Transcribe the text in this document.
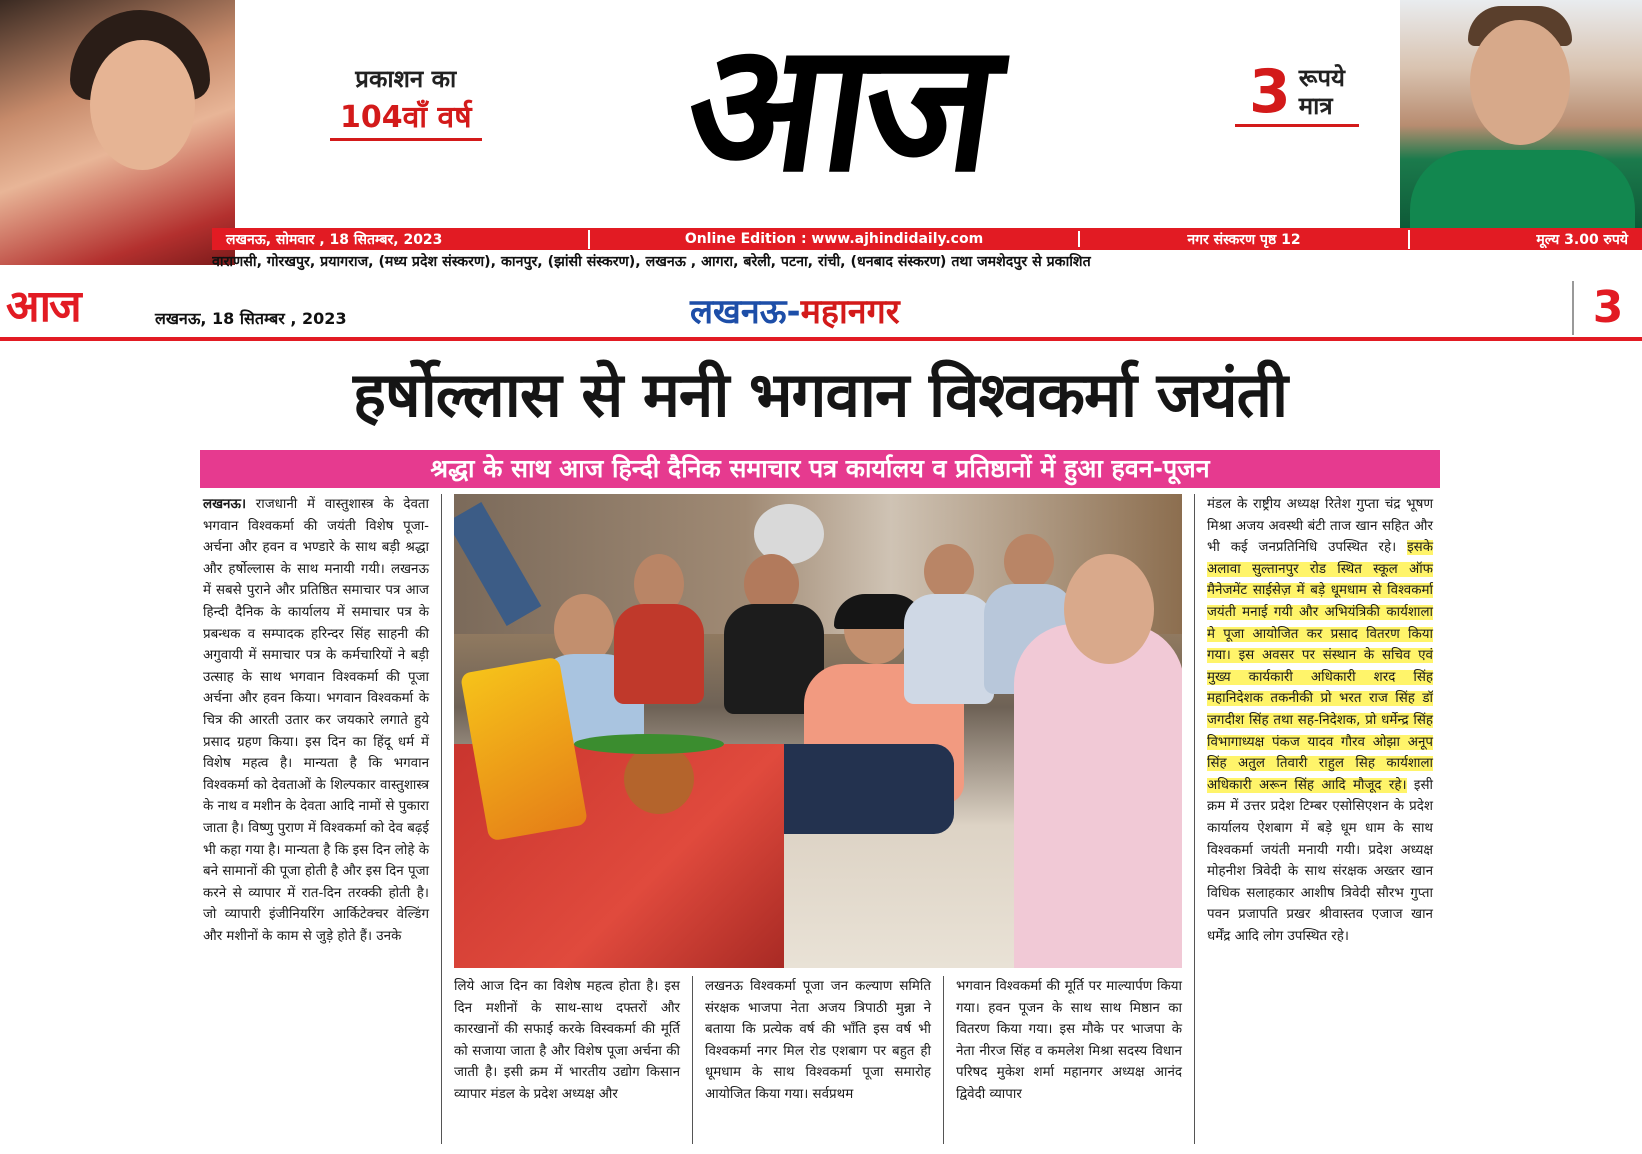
प्रकाशन का
104वाँ वर्ष	आज	3 रूपये
मात्र
लखनऊ, सोमवार , 18 सितम्बर, 2023	Online Edition : www.ajhindidaily.com	नगर संस्करण पृष्ठ 12	मूल्य 3.00 रुपये
वाराणसी, गोरखपुर, प्रयागराज, (मध्य प्रदेश संस्करण), कानपुर, (झांसी संस्करण), लखनऊ , आगरा, बरेली, पटना, रांची, (धनबाद संस्करण) तथा जमशेदपुर से प्रकाशित
आज	लखनऊ, 18 सितम्बर , 2023	लखनऊ-महानगर	3
हर्षोल्लास से मनी भगवान विश्वकर्मा जयंती
श्रद्धा के साथ आज हिन्दी दैनिक समाचार पत्र कार्यालय व प्रतिष्ठानों में हुआ हवन-पूजन
लखनऊ। राजधानी में वास्तुशास्त्र के देवता भगवान विश्वकर्मा की जयंती विशेष पूजा-अर्चना और हवन व भण्डारे के साथ बड़ी श्रद्धा और हर्षोल्लास के साथ मनायी गयी। लखनऊ में सबसे पुराने और प्रतिष्ठित समाचार पत्र आज हिन्दी दैनिक के कार्यालय में समाचार पत्र के प्रबन्धक व सम्पादक हरिन्दर सिंह साहनी की अगुवायी में समाचार पत्र के कर्मचारियों ने बड़ी उत्साह के साथ भगवान विश्वकर्मा की पूजा अर्चना और हवन किया। भगवान विश्वकर्मा के चित्र की आरती उतार कर जयकारे लगाते हुये प्रसाद ग्रहण किया। इस दिन का हिंदू धर्म में विशेष महत्व है। मान्यता है कि भगवान विश्वकर्मा को देवताओं के शिल्पकार वास्तुशास्त्र के नाथ व मशीन के देवता आदि नामों से पुकारा जाता है। विष्णु पुराण में विश्वकर्मा को देव बढ़ई भी कहा गया है। मान्यता है कि इस दिन लोहे के बने सामानों की पूजा होती है और इस दिन पूजा करने से व्यापार में रात-दिन तरक्की होती है। जो व्यापारी इंजीनियरिंग आर्किटेक्चर वेल्डिंग और मशीनों के काम से जुड़े होते हैं। उनके
लिये आज दिन का विशेष महत्व होता है। इस दिन मशीनों के साथ-साथ दफ्तरों और कारखानों की सफाई करके विस्वकर्मा की मूर्ति को सजाया जाता है और विशेष पूजा अर्चना की जाती है। इसी क्रम में भारतीय उद्योग किसान व्यापार मंडल के प्रदेश अध्यक्ष और
लखनऊ विश्वकर्मा पूजा जन कल्याण समिति संरक्षक भाजपा नेता अजय त्रिपाठी मुन्ना ने बताया कि प्रत्येक वर्ष की भाँति इस वर्ष भी विश्वकर्मा नगर मिल रोड एशबाग पर बहुत ही धूमधाम के साथ विश्वकर्मा पूजा समारोह आयोजित किया गया। सर्वप्रथम
भगवान विश्वकर्मा की मूर्ति पर माल्यार्पण किया गया। हवन पूजन के साथ साथ मिष्ठान का वितरण किया गया। इस मौके पर भाजपा के नेता नीरज सिंह व कमलेश मिश्रा सदस्य विधान परिषद मुकेश शर्मा महानगर अध्यक्ष आनंद द्विवेदी व्यापार
मंडल के राष्ट्रीय अध्यक्ष रितेश गुप्ता चंद्र भूषण मिश्रा अजय अवस्थी बंटी ताज खान सहित और भी कई जनप्रतिनिधि उपस्थित रहे। इसके अलावा सुल्तानपुर रोड स्थित स्कूल ऑफ मैनेजमेंट साईसेज़ में बड़े धूमधाम से विश्वकर्मा जयंती मनाई गयी और अभियंत्रिकी कार्यशाला मे पूजा आयोजित कर प्रसाद वितरण किया गया। इस अवसर पर संस्थान के सचिव एवं मुख्य कार्यकारी अधिकारी शरद सिंह महानिदेशक तकनीकी प्रो भरत राज सिंह डॉ जगदीश सिंह तथा सह-निदेशक, प्रो धर्मेन्द्र सिंह विभागाध्यक्ष पंकज यादव गौरव ओझा अनूप सिंह अतुल तिवारी राहुल सिह कार्यशाला अधिकारी अरून सिंह आदि मौजूद रहे। इसी क्रम में उत्तर प्रदेश टिम्बर एसोसिएशन के प्रदेश कार्यालय ऐशबाग में बड़े धूम धाम के साथ विश्वकर्मा जयंती मनायी गयी। प्रदेश अध्यक्ष मोहनीश त्रिवेदी के साथ संरक्षक अख्तर खान विधिक सलाहकार आशीष त्रिवेदी सौरभ गुप्ता पवन प्रजापति प्रखर श्रीवास्तव एजाज खान धर्मेंद्र आदि लोग उपस्थित रहे।
